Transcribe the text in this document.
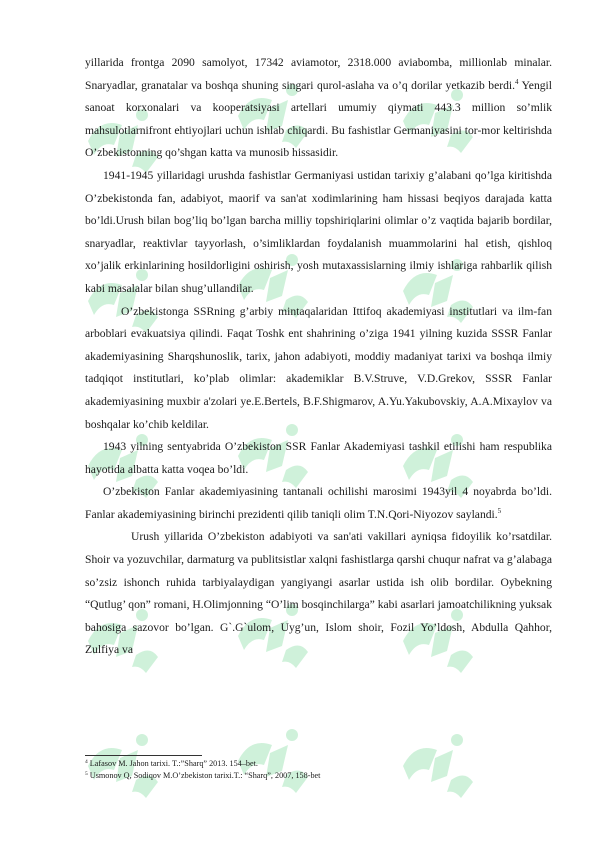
yillarida frontga 2090 samolyot, 17342 aviamotor, 2318.000 aviabomba, millionlab minalar. Snaryadlar, granatalar va boshqa shuning singari qurol-aslaha va o’q dorilar yetkazib berdi.$^4$ Yengil sanoat korxonalari va kooperatsiyasi artellari umumiy qiymati 443.3 million so’mlik mahsulotlarnifront ehtiyojlari uchun ishlab chiqardi. Bu fashistlar Germaniyasini tor-mor keltirishda O’zbekistonning qo’shgan katta va munosib hissasidir.

1941-1945 yillaridagi urushda fashistlar Germaniyasi ustidan tarixiy g’alabani qo’lga kiritishda O’zbekistonda fan, adabiyot, maorif va san'at xodimlarining ham hissasi beqiyos darajada katta bo’ldi.Urush bilan bog’liq bo’lgan barcha milliy topshiriqlarini olimlar o’z vaqtida bajarib bordilar, snaryadlar, reaktivlar tayyorlash, o’simliklardan foydalanish muammolarini hal etish, qishloq xo’jalik erkinlarining hosildorligini oshirish, yosh mutaxassislarning ilmiy ishlariga rahbarlik qilish kabi masalalar bilan shug’ullandilar.

O’zbekistonga SSRning g’arbiy mintaqalaridan Ittifoq akademiyasi institutlari va ilm-fan arboblari evakuatsiya qilindi. Faqat Toshk ent shahrining o’ziga 1941 yilning kuzida SSSR Fanlar akademiyasining Sharqshunoslik, tarix, jahon adabiyoti, moddiy madaniyat tarixi va boshqa ilmiy tadqiqot institutlari, ko’plab olimlar: akademiklar B.V.Struve, V.D.Grekov, SSSR Fanlar akademiyasining muxbir a'zolari ye.E.Bertels, B.F.Shigmarov, A.Yu.Yakubovskiy, A.A.Mixaylov va boshqalar ko’chib keldilar.

1943 yilning sentyabrida O’zbekiston SSR Fanlar Akademiyasi tashkil etilishi ham respublika hayotida albatta katta voqea bo’ldi.

O’zbekiston Fanlar akademiyasining tantanali ochilishi marosimi 1943yil 4 noyabrda bo’ldi. Fanlar akademiyasining birinchi prezidenti qilib taniqli olim T.N.Qori-Niyozov saylandi.$^5$

Urush yillarida O’zbekiston adabiyoti va san'ati vakillari ayniqsa fidoyilik ko’rsatdilar. Shoir va yozuvchilar, darmaturg va publitsistlar xalqni fashistlarga qarshi chuqur nafrat va g’alabaga so’zsiz ishonch ruhida tarbiyalaydigan yangiyangi asarlar ustida ish olib bordilar. Oybekning “Qutlug’ qon” romani, H.Olimjonning “O’lim bosqinchilarga” kabi asarlari jamoatchilikning yuksak bahosiga sazovor bo’lgan. G`.G`ulom, Uyg’un, Islom shoir, Fozil Yo’ldosh, Abdulla Qahhor, Zulfiya va

$^4$ Lafasov M. Jahon tarixi. T.:”Sharq” 2013. 154–bet.
$^5$ Usmonov Q, Sodiqov M.O’zbekiston tarixi.T.: “Sharq”, 2007, 158-bet
